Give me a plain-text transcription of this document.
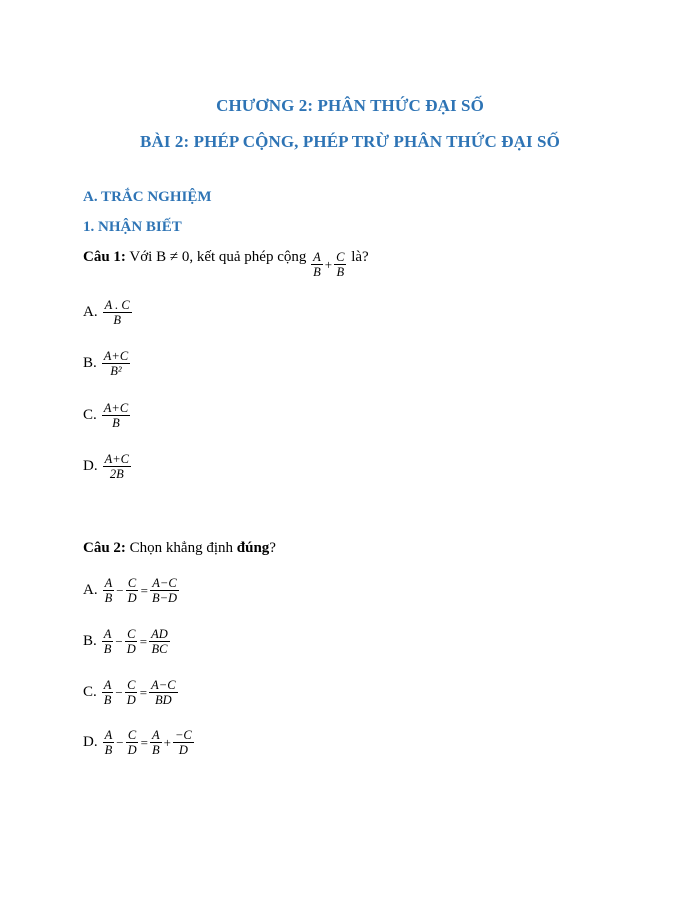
CHƯƠNG 2: PHÂN THỨC ĐẠI SỐ
BÀI 2: PHÉP CỘNG, PHÉP TRỪ PHÂN THỨC ĐẠI SỐ
A. TRẮC NGHIỆM
1. NHẬN BIẾT
Câu 1: Với B ≠ 0, kết quả phép cộng $\frac{A}{B} + \frac{C}{B}$ là?
A. $\frac{A . C}{B}$
B. $\frac{A+C}{\text{B²}}$
C. $\frac{A+C}{B}$
D. $\frac{A+C}{2B}$
Câu 2: Chọn khẳng định đúng?
A. $\frac{A}{B} - \frac{C}{D} = \frac{A-C}{B-D}$
B. $\frac{A}{B} - \frac{C}{D} = \frac{AD}{BC}$
C. $\frac{A}{B} - \frac{C}{D} = \frac{A-C}{BD}$
D. $\frac{A}{B} - \frac{C}{D} = \frac{A}{B} + \frac{-C}{D}$
